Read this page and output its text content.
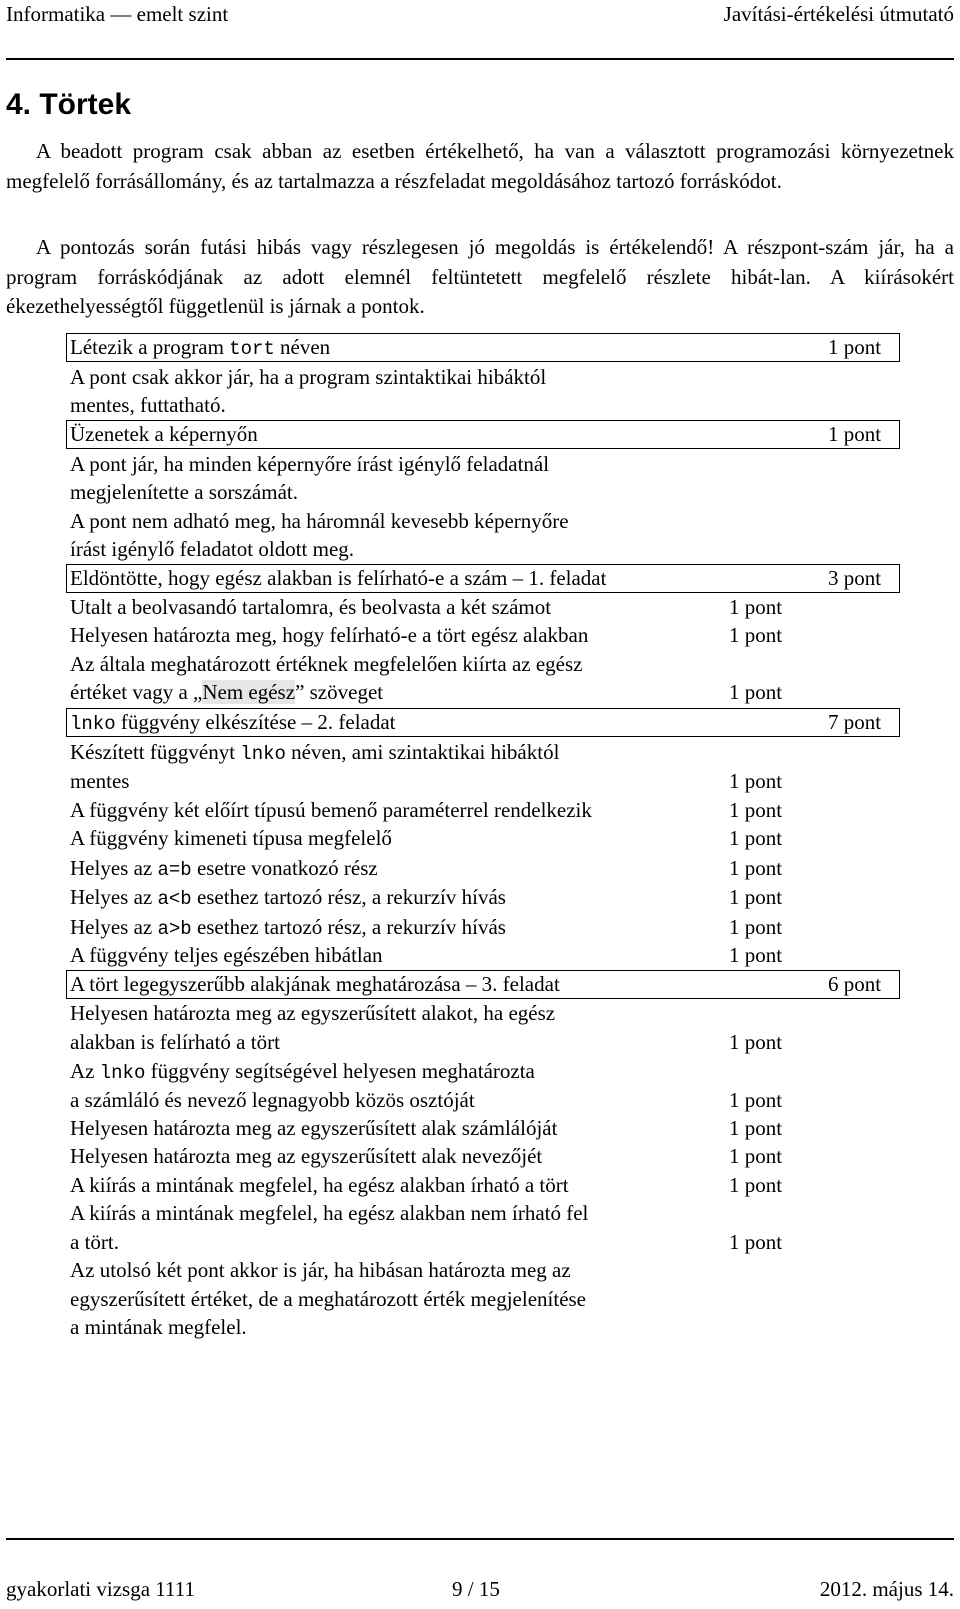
Informatika — emelt szint	Javítási-értékelési útmutató
4. Törtek

A beadott program csak abban az esetben értékelhető, ha van a választott programozási környezetnek megfelelő forrásállomány, és az tartalmazza a részfeladat megoldásához tartozó forráskódot.

A pontozás során futási hibás vagy részlegesen jó megoldás is értékelendő! A részpont-szám jár, ha a program forráskódjának az adott elemnél feltüntetett megfelelő részlete hibát-lan. A kiírásokért ékezethelyességtől függetlenül is járnak a pontok.

Létezik a program tort néven	1 pont
A pont csak akkor jár, ha a program szintaktikai hibáktól
mentes, futtatható.
Üzenetek a képernyőn	1 pont
A pont jár, ha minden képernyőre írást igénylő feladatnál
megjelenítette a sorszámát.
A pont nem adható meg, ha háromnál kevesebb képernyőre
írást igénylő feladatot oldott meg.
Eldöntötte, hogy egész alakban is felírható-e a szám – 1. feladat	3 pont
Utalt a beolvasandó tartalomra, és beolvasta a két számot	1 pont
Helyesen határozta meg, hogy felírható-e a tört egész alakban	1 pont
Az általa meghatározott értéknek megfelelően kiírta az egész
értéket vagy a „Nem egész” szöveget	1 pont
lnko függvény elkészítése – 2. feladat	7 pont
Készített függvényt lnko néven, ami szintaktikai hibáktól
mentes	1 pont
A függvény két előírt típusú bemenő paraméterrel rendelkezik	1 pont
A függvény kimeneti típusa megfelelő	1 pont
Helyes az a=b esetre vonatkozó rész	1 pont
Helyes az a<b esethez tartozó rész, a rekurzív hívás	1 pont
Helyes az a>b esethez tartozó rész, a rekurzív hívás	1 pont
A függvény teljes egészében hibátlan	1 pont
A tört legegyszerűbb alakjának meghatározása – 3. feladat	6 pont
Helyesen határozta meg az egyszerűsített alakot, ha egész
alakban is felírható a tört	1 pont
Az lnko függvény segítségével helyesen meghatározta
a számláló és nevező legnagyobb közös osztóját	1 pont
Helyesen határozta meg az egyszerűsített alak számlálóját	1 pont
Helyesen határozta meg az egyszerűsített alak nevezőjét	1 pont
A kiírás a mintának megfelel, ha egész alakban írható a tört	1 pont
A kiírás a mintának megfelel, ha egész alakban nem írható fel
a tört.	1 pont
Az utolsó két pont akkor is jár, ha hibásan határozta meg az
egyszerűsített értéket, de a meghatározott érték megjelenítése
a mintának megfelel.
gyakorlati vizsga 1111	9 / 15	2012. május 14.
